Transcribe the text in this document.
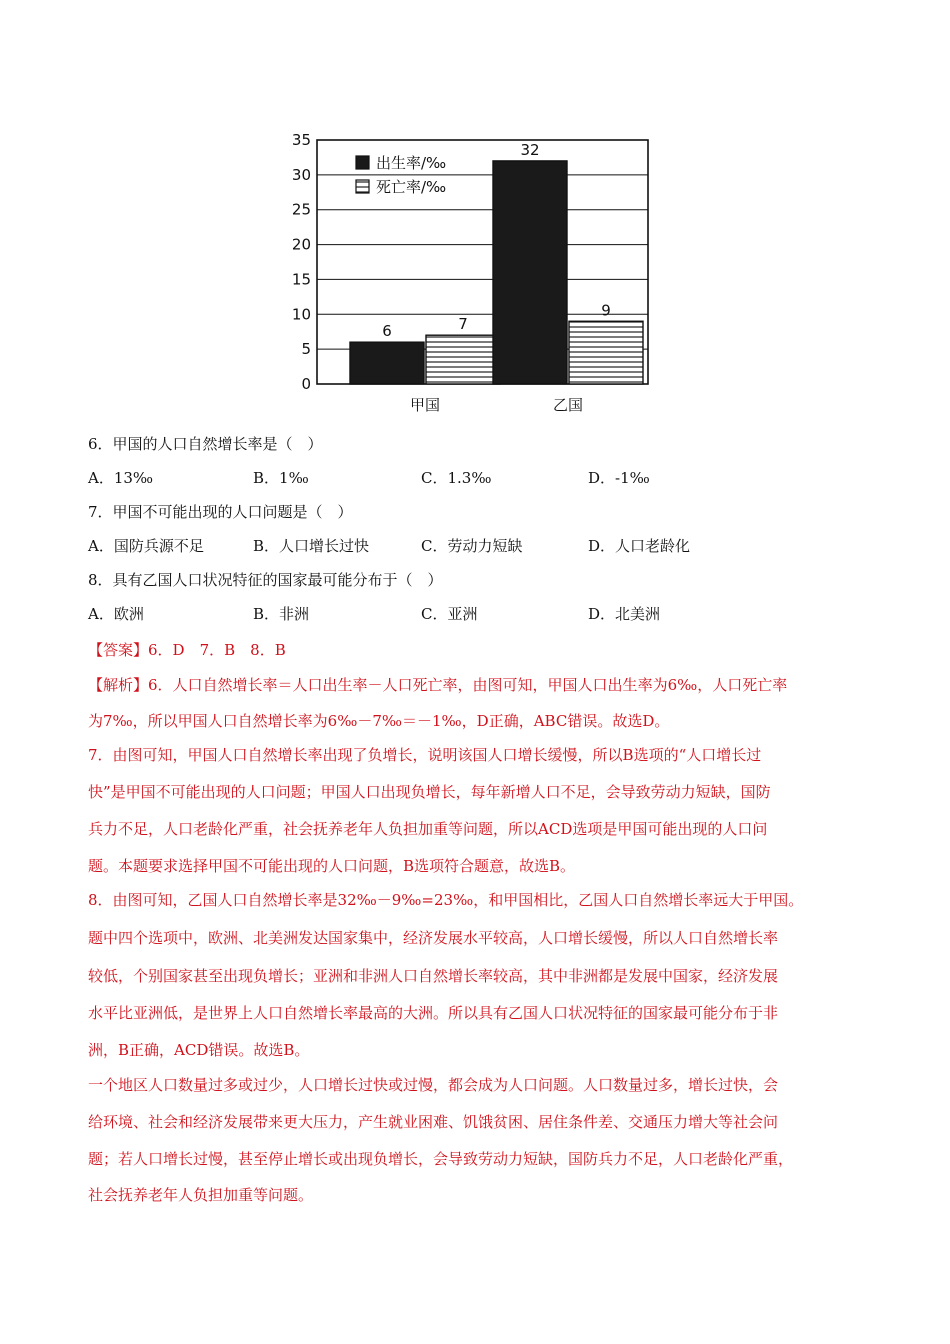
0
5
10
15
20
25
30
35
6	7
甲国
32
9
乙国
出生率/‰
死亡率/‰
6．甲国的人口自然增长率是（　）
A．13‰	B．1‰	C．1.3‰	D．-1‰
7．甲国不可能出现的人口问题是（　）
A．国防兵源不足	B．人口增长过快	C．劳动力短缺	D．人口老龄化
8．具有乙国人口状况特征的国家最可能分布于（　）
A．欧洲	B．非洲	C．亚洲	D．北美洲
【答案】6．D　7．B　8．B
【解析】6．人口自然增长率＝人口出生率－人口死亡率，由图可知，甲国人口出生率为6‰，人口死亡率
为7‰，所以甲国人口自然增长率为6‰－7‰＝－1‰，D正确，ABC错误。故选D。
7．由图可知，甲国人口自然增长率出现了负增长，说明该国人口增长缓慢，所以B选项的“人口增长过
快”是甲国不可能出现的人口问题；甲国人口出现负增长，每年新增人口不足，会导致劳动力短缺，国防
兵力不足，人口老龄化严重，社会抚养老年人负担加重等问题，所以ACD选项是甲国可能出现的人口问
题。本题要求选择甲国不可能出现的人口问题，B选项符合题意，故选B。
8．由图可知，乙国人口自然增长率是32‰－9‰=23‰，和甲国相比，乙国人口自然增长率远大于甲国。
题中四个选项中，欧洲、北美洲发达国家集中，经济发展水平较高，人口增长缓慢，所以人口自然增长率
较低，个别国家甚至出现负增长；亚洲和非洲人口自然增长率较高，其中非洲都是发展中国家，经济发展
水平比亚洲低，是世界上人口自然增长率最高的大洲。所以具有乙国人口状况特征的国家最可能分布于非
洲，B正确，ACD错误。故选B。
一个地区人口数量过多或过少，人口增长过快或过慢，都会成为人口问题。人口数量过多，增长过快，会
给环境、社会和经济发展带来更大压力，产生就业困难、饥饿贫困、居住条件差、交通压力增大等社会问
题；若人口增长过慢，甚至停止增长或出现负增长，会导致劳动力短缺，国防兵力不足，人口老龄化严重，
社会抚养老年人负担加重等问题。
